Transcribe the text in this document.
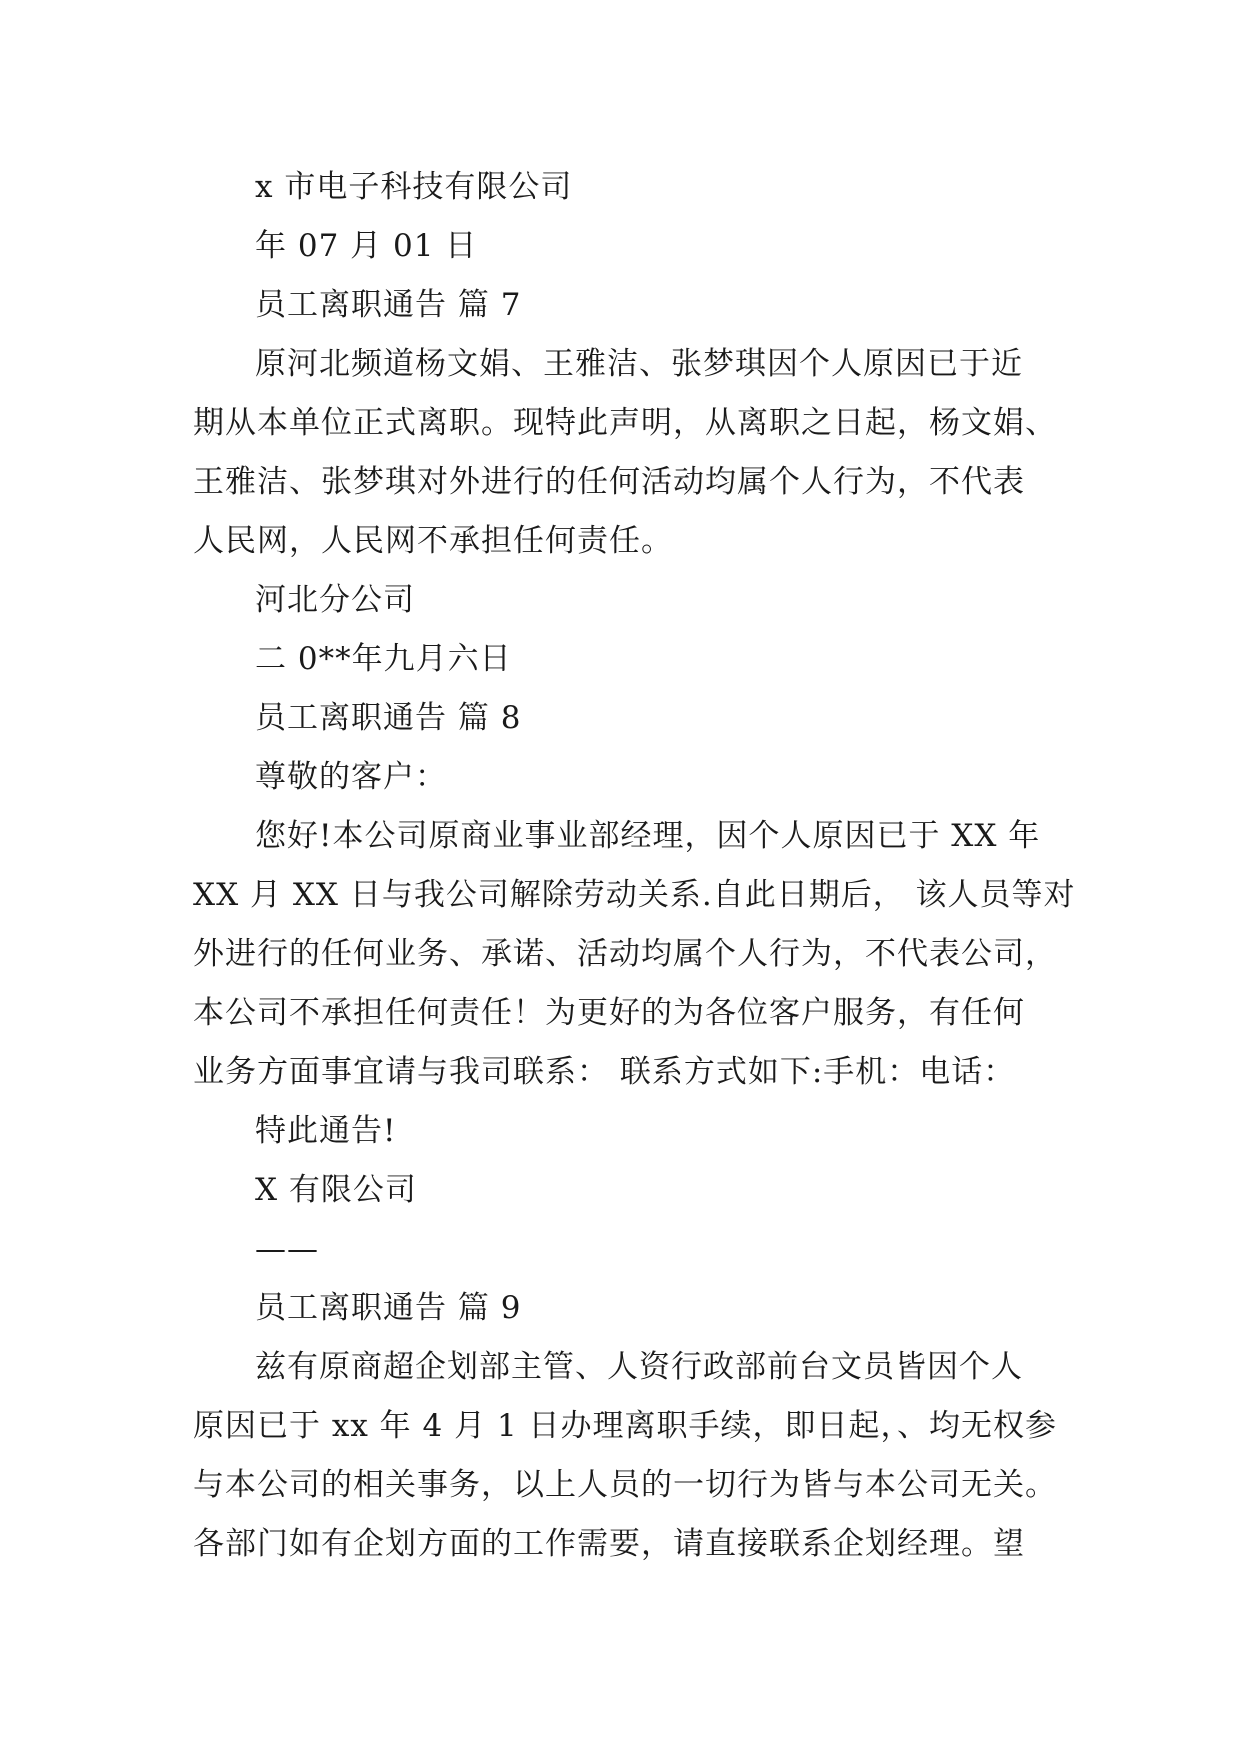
x 市电子科技有限公司
年 07 月 01 日
员工离职通告 篇 7
原河北频道杨文娟、王雅洁、张梦琪因个人原因已于近
期从本单位正式离职。现特此声明，从离职之日起，杨文娟、
王雅洁、张梦琪对外进行的任何活动均属个人行为，不代表
人民网，人民网不承担任何责任。
河北分公司
二 0**年九月六日
员工离职通告 篇 8
尊敬的客户：
您好!本公司原商业事业部经理，因个人原因已于 XX 年
XX 月 XX 日与我公司解除劳动关系.自此日期后， 该人员等对
外进行的任何业务、承诺、活动均属个人行为，不代表公司，
本公司不承担任何责任！为更好的为各位客户服务，有任何
业务方面事宜请与我司联系： 联系方式如下:手机：电话：
特此通告!
X 有限公司
——
员工离职通告 篇 9
兹有原商超企划部主管、人资行政部前台文员皆因个人
原因已于 xx 年 4 月 1 日办理离职手续，即日起，、均无权参
与本公司的相关事务，以上人员的一切行为皆与本公司无关。
各部门如有企划方面的工作需要，请直接联系企划经理。望
